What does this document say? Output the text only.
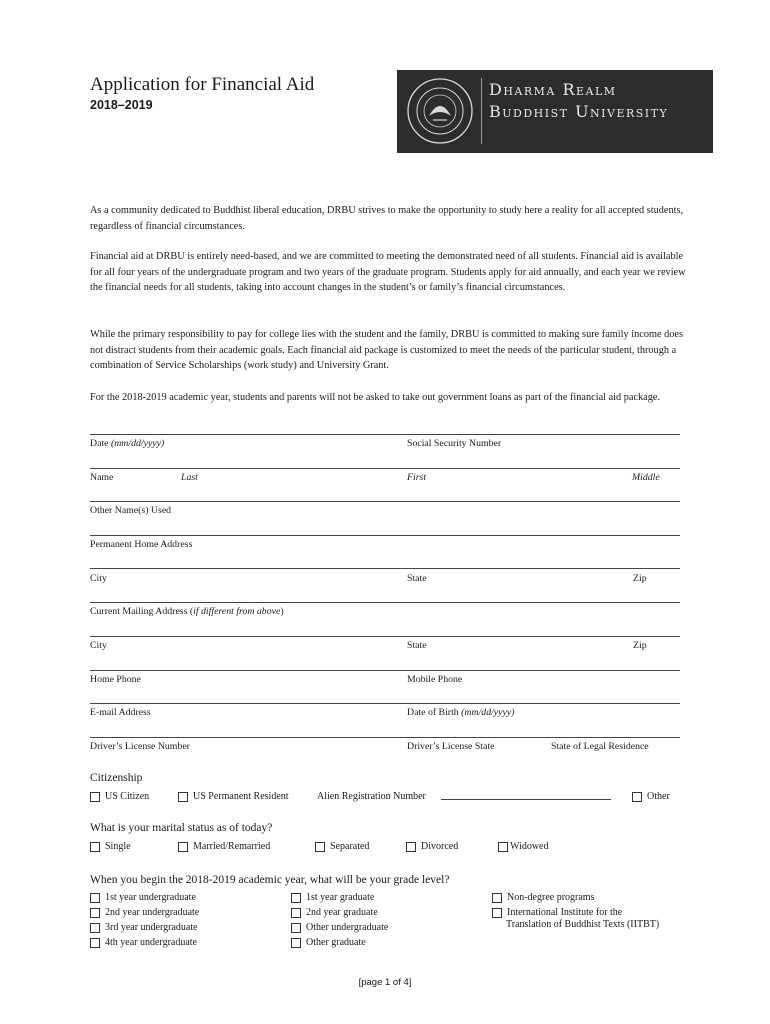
Application for Financial Aid
2018–2019
Dharma Realm
Buddhist University
As a community dedicated to Buddhist liberal education, DRBU strives to make the opportunity to study here a reality for all accepted students, regardless of financial circumstances.
Financial aid at DRBU is entirely need-based, and we are committed to meeting the demonstrated need of all students. Financial aid is available for all four years of the undergraduate program and two years of the graduate program. Students apply for aid annually, and each year we review the financial needs for all students, taking into account changes in the student’s or family’s financial circumstances.
While the primary responsibility to pay for college lies with the student and the family, DRBU is committed to making sure family income does not distract students from their academic goals. Each financial aid package is customized to meet the needs of the particular student, through a combination of Service Scholarships (work study) and University Grant.
For the 2018-2019 academic year, students and parents will not be asked to take out government loans as part of the financial aid package.
Date (mm/dd/yyyy)	Social Security Number
Name	Last	First	Middle
Other Name(s) Used
Permanent Home Address
City	State	Zip
Current Mailing Address (if different from above)
City	State	Zip
Home Phone	Mobile Phone
E-mail Address	Date of Birth (mm/dd/yyyy)
Driver’s License Number	Driver’s License State	State of Legal Residence
Citizenship
US Citizen	US Permanent Resident	Alien Registration Number	Other
What is your marital status as of today?
Single	Married/Remarried	Separated	Divorced	Widowed
When you begin the 2018-2019 academic year, what will be your grade level?
1st year undergraduate
2nd year undergraduate
3rd year undergraduate
4th year undergraduate
1st year graduate
2nd year graduate
Other undergraduate
Other graduate
Non-degree programs
International Institute for the
Translation of Buddhist Texts (IITBT)
[page 1 of 4]
